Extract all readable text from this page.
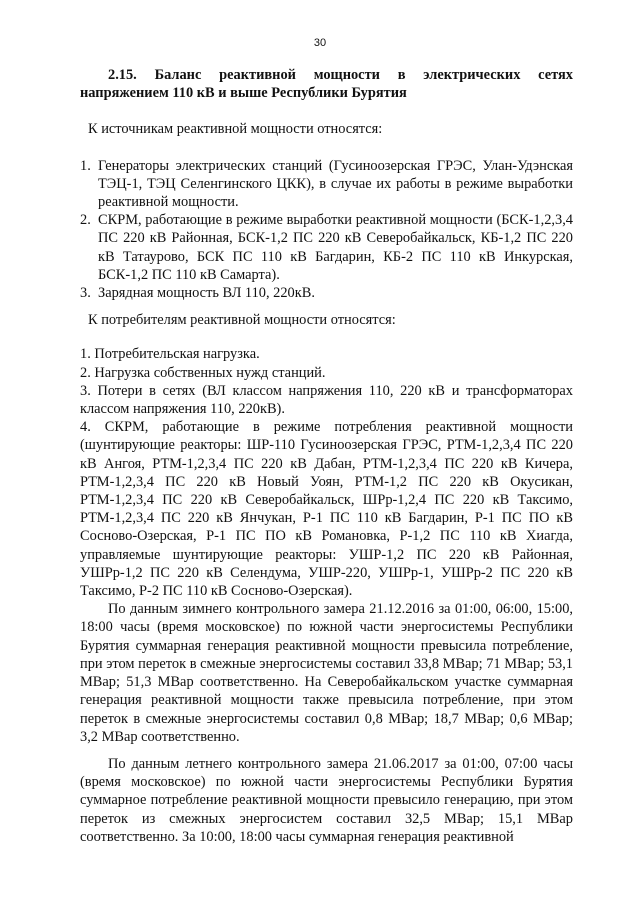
30

2.15. Баланс реактивной мощности в электрических сетях напряжением 110 кВ и выше Республики Бурятия

К источникам реактивной мощности относятся:

1. Генераторы электрических станций (Гусиноозерская ГРЭС, Улан-Удэнская ТЭЦ-1, ТЭЦ Селенгинского ЦКК), в случае их работы в режиме выработки реактивной мощности.
2. СКРМ, работающие в режиме выработки реактивной мощности (БСК-1,2,3,4 ПС 220 кВ Районная, БСК-1,2 ПС 220 кВ Северобайкальск, КБ-1,2 ПС 220 кВ Татаурово, БСК ПС 110 кВ Багдарин, КБ-2 ПС 110 кВ Инкурская, БСК-1,2 ПС 110 кВ Самарта).
3. Зарядная мощность ВЛ 110, 220кВ.

К потребителям реактивной мощности относятся:

1. Потребительская нагрузка.

2. Нагрузка собственных нужд станций.

3. Потери в сетях (ВЛ классом напряжения 110, 220 кВ и трансформаторах классом напряжения 110, 220кВ).

4. СКРМ, работающие в режиме потребления реактивной мощности (шунтирующие реакторы: ШР-110 Гусиноозерская ГРЭС, РТМ-1,2,3,4 ПС 220 кВ Ангоя, РТМ-1,2,3,4 ПС 220 кВ Дабан, РТМ-1,2,3,4 ПС 220 кВ Кичера, РТМ-1,2,3,4 ПС 220 кВ Новый Уоян, РТМ-1,2 ПС 220 кВ Окусикан, РТМ-1,2,3,4 ПС 220 кВ Северобайкальск, ШРр-1,2,4 ПС 220 кВ Таксимо, РТМ-1,2,3,4 ПС 220 кВ Янчукан, Р-1 ПС 110 кВ Багдарин, Р-1 ПС ПО кВ Сосново-Озерская, Р-1 ПС ПО кВ Романовка, Р-1,2 ПС 110 кВ Хиагда, управляемые шунтирующие реакторы: УШР-1,2 ПС 220 кВ Районная, УШРр-1,2 ПС 220 кВ Селендума, УШР-220, УШРр-1, УШРр-2 ПС 220 кВ Таксимо, Р-2 ПС 110 кВ Сосново-Озерская).

По данным зимнего контрольного замера 21.12.2016 за 01:00, 06:00, 15:00, 18:00 часы (время московское) по южной части энергосистемы Республики Бурятия суммарная генерация реактивной мощности превысила потребление, при этом переток в смежные энергосистемы составил 33,8 МВар; 71 МВар; 53,1 МВар; 51,3 МВар соответственно. На Северобайкальском участке суммарная генерация реактивной мощности также превысила потребление, при этом переток в смежные энергосистемы составил 0,8 МВар; 18,7 МВар; 0,6 МВар; 3,2 МВар соответственно.

По данным летнего контрольного замера 21.06.2017 за 01:00, 07:00 часы (время московское) по южной части энергосистемы Республики Бурятия суммарное потребление реактивной мощности превысило генерацию, при этом переток из смежных энергосистем составил 32,5 МВар; 15,1 МВар соответственно. За 10:00, 18:00 часы суммарная генерация реактивной
